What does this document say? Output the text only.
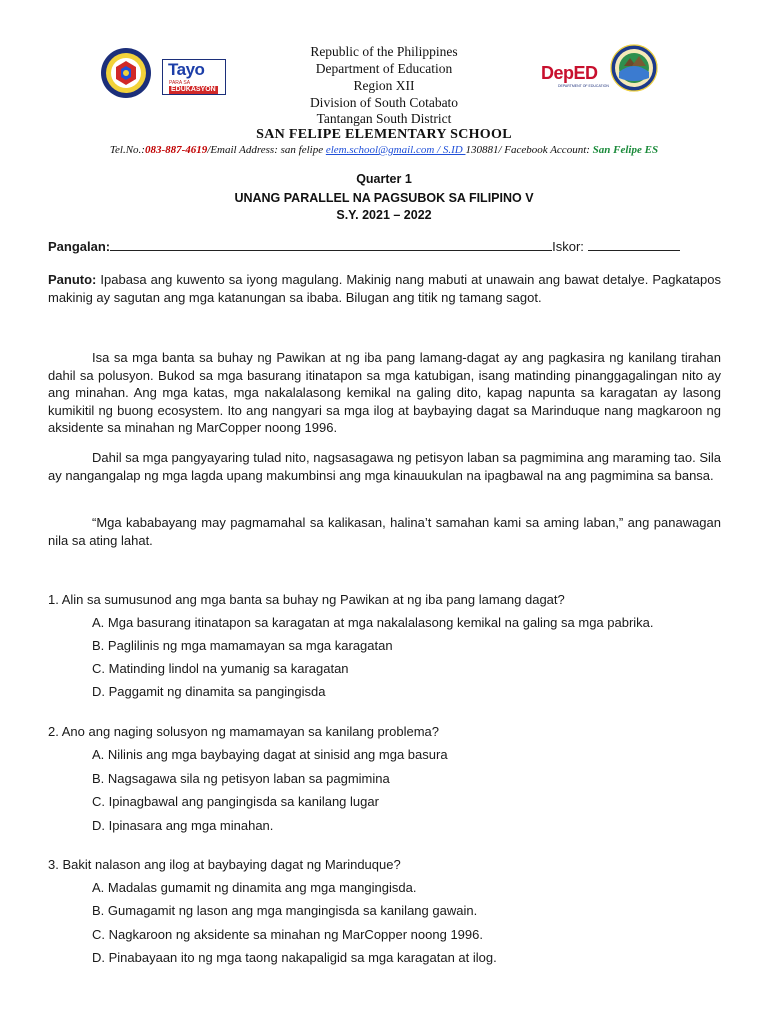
Tayo
PARA SA
EDUKASYON
DepED
DEPARTMENT OF EDUCATION
Republic of the Philippines
Department of Education
Region XII
Division of South Cotabato
Tantangan South District
SAN FELIPE ELEMENTARY SCHOOL
Tel.No.:083-887-4619/Email Address: san felipe elem.school@gmail.com / S.ID 130881/ Facebook Account: San Felipe ES
Quarter 1
UNANG PARALLEL NA PAGSUBOK SA FILIPINO V
S.Y. 2021 – 2022
Pangalan:	Iskor:
Panuto: Ipabasa ang kuwento sa iyong magulang. Makinig nang mabuti at unawain ang bawat detalye. Pagkatapos makinig ay sagutan ang mga katanungan sa ibaba. Bilugan ang titik ng tamang sagot.
Isa sa mga banta sa buhay ng Pawikan at ng iba pang lamang-dagat ay ang pagkasira ng kanilang tirahan dahil sa polusyon. Bukod sa mga basurang itinatapon sa mga katubigan, isang matinding pinanggagalingan nito ay ang minahan. Ang mga katas, mga nakalalasong kemikal na galing dito, kapag napunta sa karagatan ay lasong kumikitil ng buong ecosystem. Ito ang nangyari sa mga ilog at baybaying dagat sa Marinduque nang magkaroon ng aksidente sa minahan ng MarCopper noong 1996.
Dahil sa mga pangyayaring tulad nito, nagsasagawa ng petisyon laban sa pagmimina ang maraming tao. Sila ay nangangalap ng mga lagda upang makumbinsi ang mga kinauukulan na ipagbawal na ang pagmimina sa bansa.
“Mga kababayang may pagmamahal sa kalikasan, halina’t samahan kami sa aming laban,” ang panawagan nila sa ating lahat.
1. Alin sa sumusunod ang mga banta sa buhay ng Pawikan at ng iba pang lamang dagat?
A. Mga basurang itinatapon sa karagatan at mga nakalalasong kemikal na galing sa mga pabrika.
B. Paglilinis ng mga mamamayan sa mga karagatan
C. Matinding lindol na yumanig sa karagatan
D. Paggamit ng dinamita sa pangingisda
2. Ano ang naging solusyon ng mamamayan sa kanilang problema?
A. Nilinis ang mga baybaying dagat at sinisid ang mga basura
B. Nagsagawa sila ng petisyon laban sa pagmimina
C. Ipinagbawal ang pangingisda sa kanilang lugar
D. Ipinasara ang mga minahan.
3. Bakit nalason ang ilog at baybaying dagat ng Marinduque?
A. Madalas gumamit ng dinamita ang mga mangingisda.
B. Gumagamit ng lason ang mga mangingisda sa kanilang gawain.
C. Nagkaroon ng aksidente sa minahan ng MarCopper noong 1996.
D. Pinabayaan ito ng mga taong nakapaligid sa mga karagatan at ilog.
